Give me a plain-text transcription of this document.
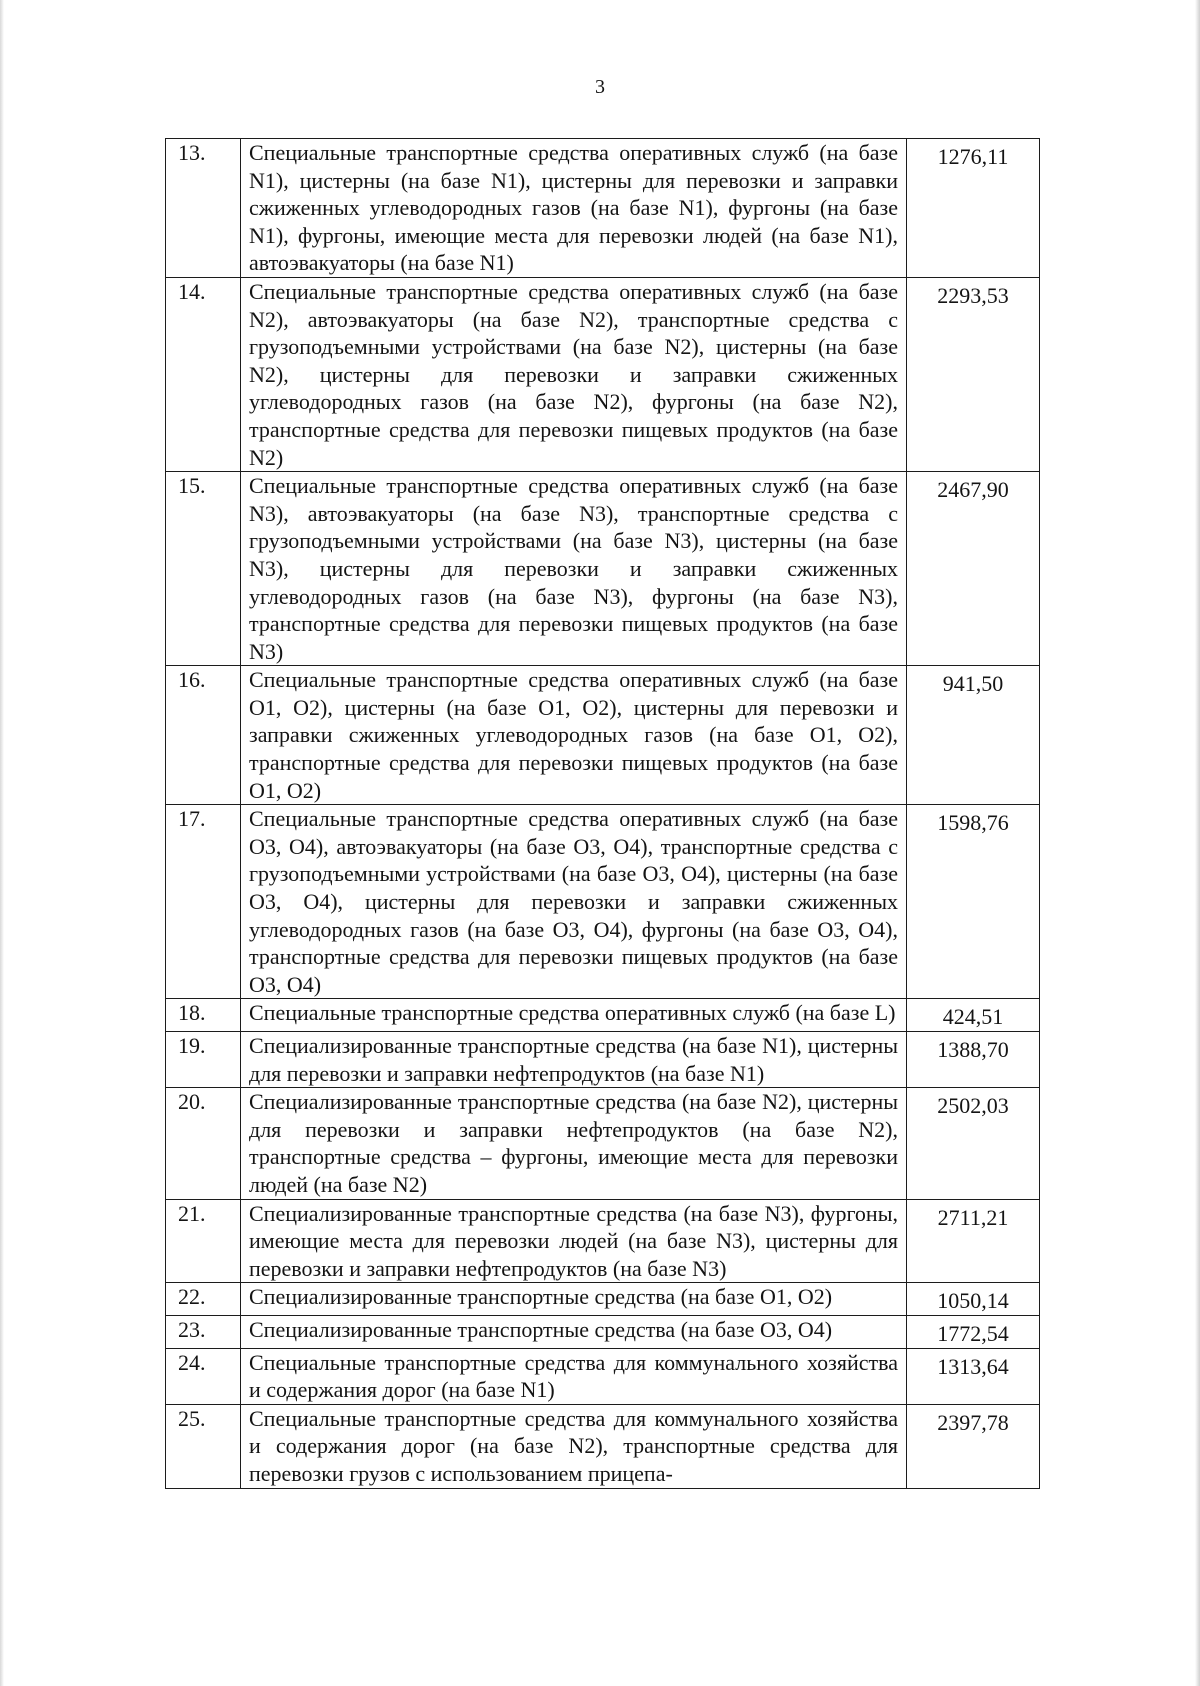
3
13.	Специальные транспортные средства оперативных служб (на базе N1), цистерны (на базе N1), цистерны для перевозки и заправки сжиженных углеводородных газов (на базе N1), фургоны (на базе N1), фургоны, имеющие места для перевозки людей (на базе N1), автоэвакуаторы (на базе N1)	1276,11
14.	Специальные транспортные средства оперативных служб (на базе N2), автоэвакуаторы (на базе N2), транспортные средства с грузоподъемными устройствами (на базе N2), цистерны (на базе N2), цистерны для перевозки и заправки сжиженных углеводородных газов (на базе N2), фургоны (на базе N2), транспортные средства для перевозки пищевых продуктов (на базе N2)	2293,53
15.	Специальные транспортные средства оперативных служб (на базе N3), автоэвакуаторы (на базе N3), транспортные средства с грузоподъемными устройствами (на базе N3), цистерны (на базе N3), цистерны для перевозки и заправки сжиженных углеводородных газов (на базе N3), фургоны (на базе N3), транспортные средства для перевозки пищевых продуктов (на базе N3)	2467,90
16.	Специальные транспортные средства оперативных служб (на базе O1, O2), цистерны (на базе O1, O2), цистерны для перевозки и заправки сжиженных углеводородных газов (на базе O1, O2), транспортные средства для перевозки пищевых продуктов (на базе O1, O2)	941,50
17.	Специальные транспортные средства оперативных служб (на базе O3, O4), автоэвакуаторы (на базе O3, O4), транспортные средства с грузоподъемными устройствами (на базе O3, O4), цистерны (на базе O3, O4), цистерны для перевозки и заправки сжиженных углеводородных газов (на базе O3, O4), фургоны (на базе O3, O4), транспортные средства для перевозки пищевых продуктов (на базе O3, O4)	1598,76
18.	Специальные транспортные средства оперативных служб (на базе L)	424,51
19.	Специализированные транспортные средства (на базе N1), цистерны для перевозки и заправки нефтепродуктов (на базе N1)	1388,70
20.	Специализированные транспортные средства (на базе N2), цистерны для перевозки и заправки нефтепродуктов (на базе N2), транспортные средства – фургоны, имеющие места для перевозки людей (на базе N2)	2502,03
21.	Специализированные транспортные средства (на базе N3), фургоны, имеющие места для перевозки людей (на базе N3), цистерны для перевозки и заправки нефтепродуктов (на базе N3)	2711,21
22.	Специализированные транспортные средства (на базе O1, O2)	1050,14
23.	Специализированные транспортные средства (на базе O3, O4)	1772,54
24.	Специальные транспортные средства для коммунального хозяйства и содержания дорог (на базе N1)	1313,64
25.	Специальные транспортные средства для коммунального хозяйства и содержания дорог (на базе N2), транспортные средства для перевозки грузов с использованием прицепа-	2397,78
